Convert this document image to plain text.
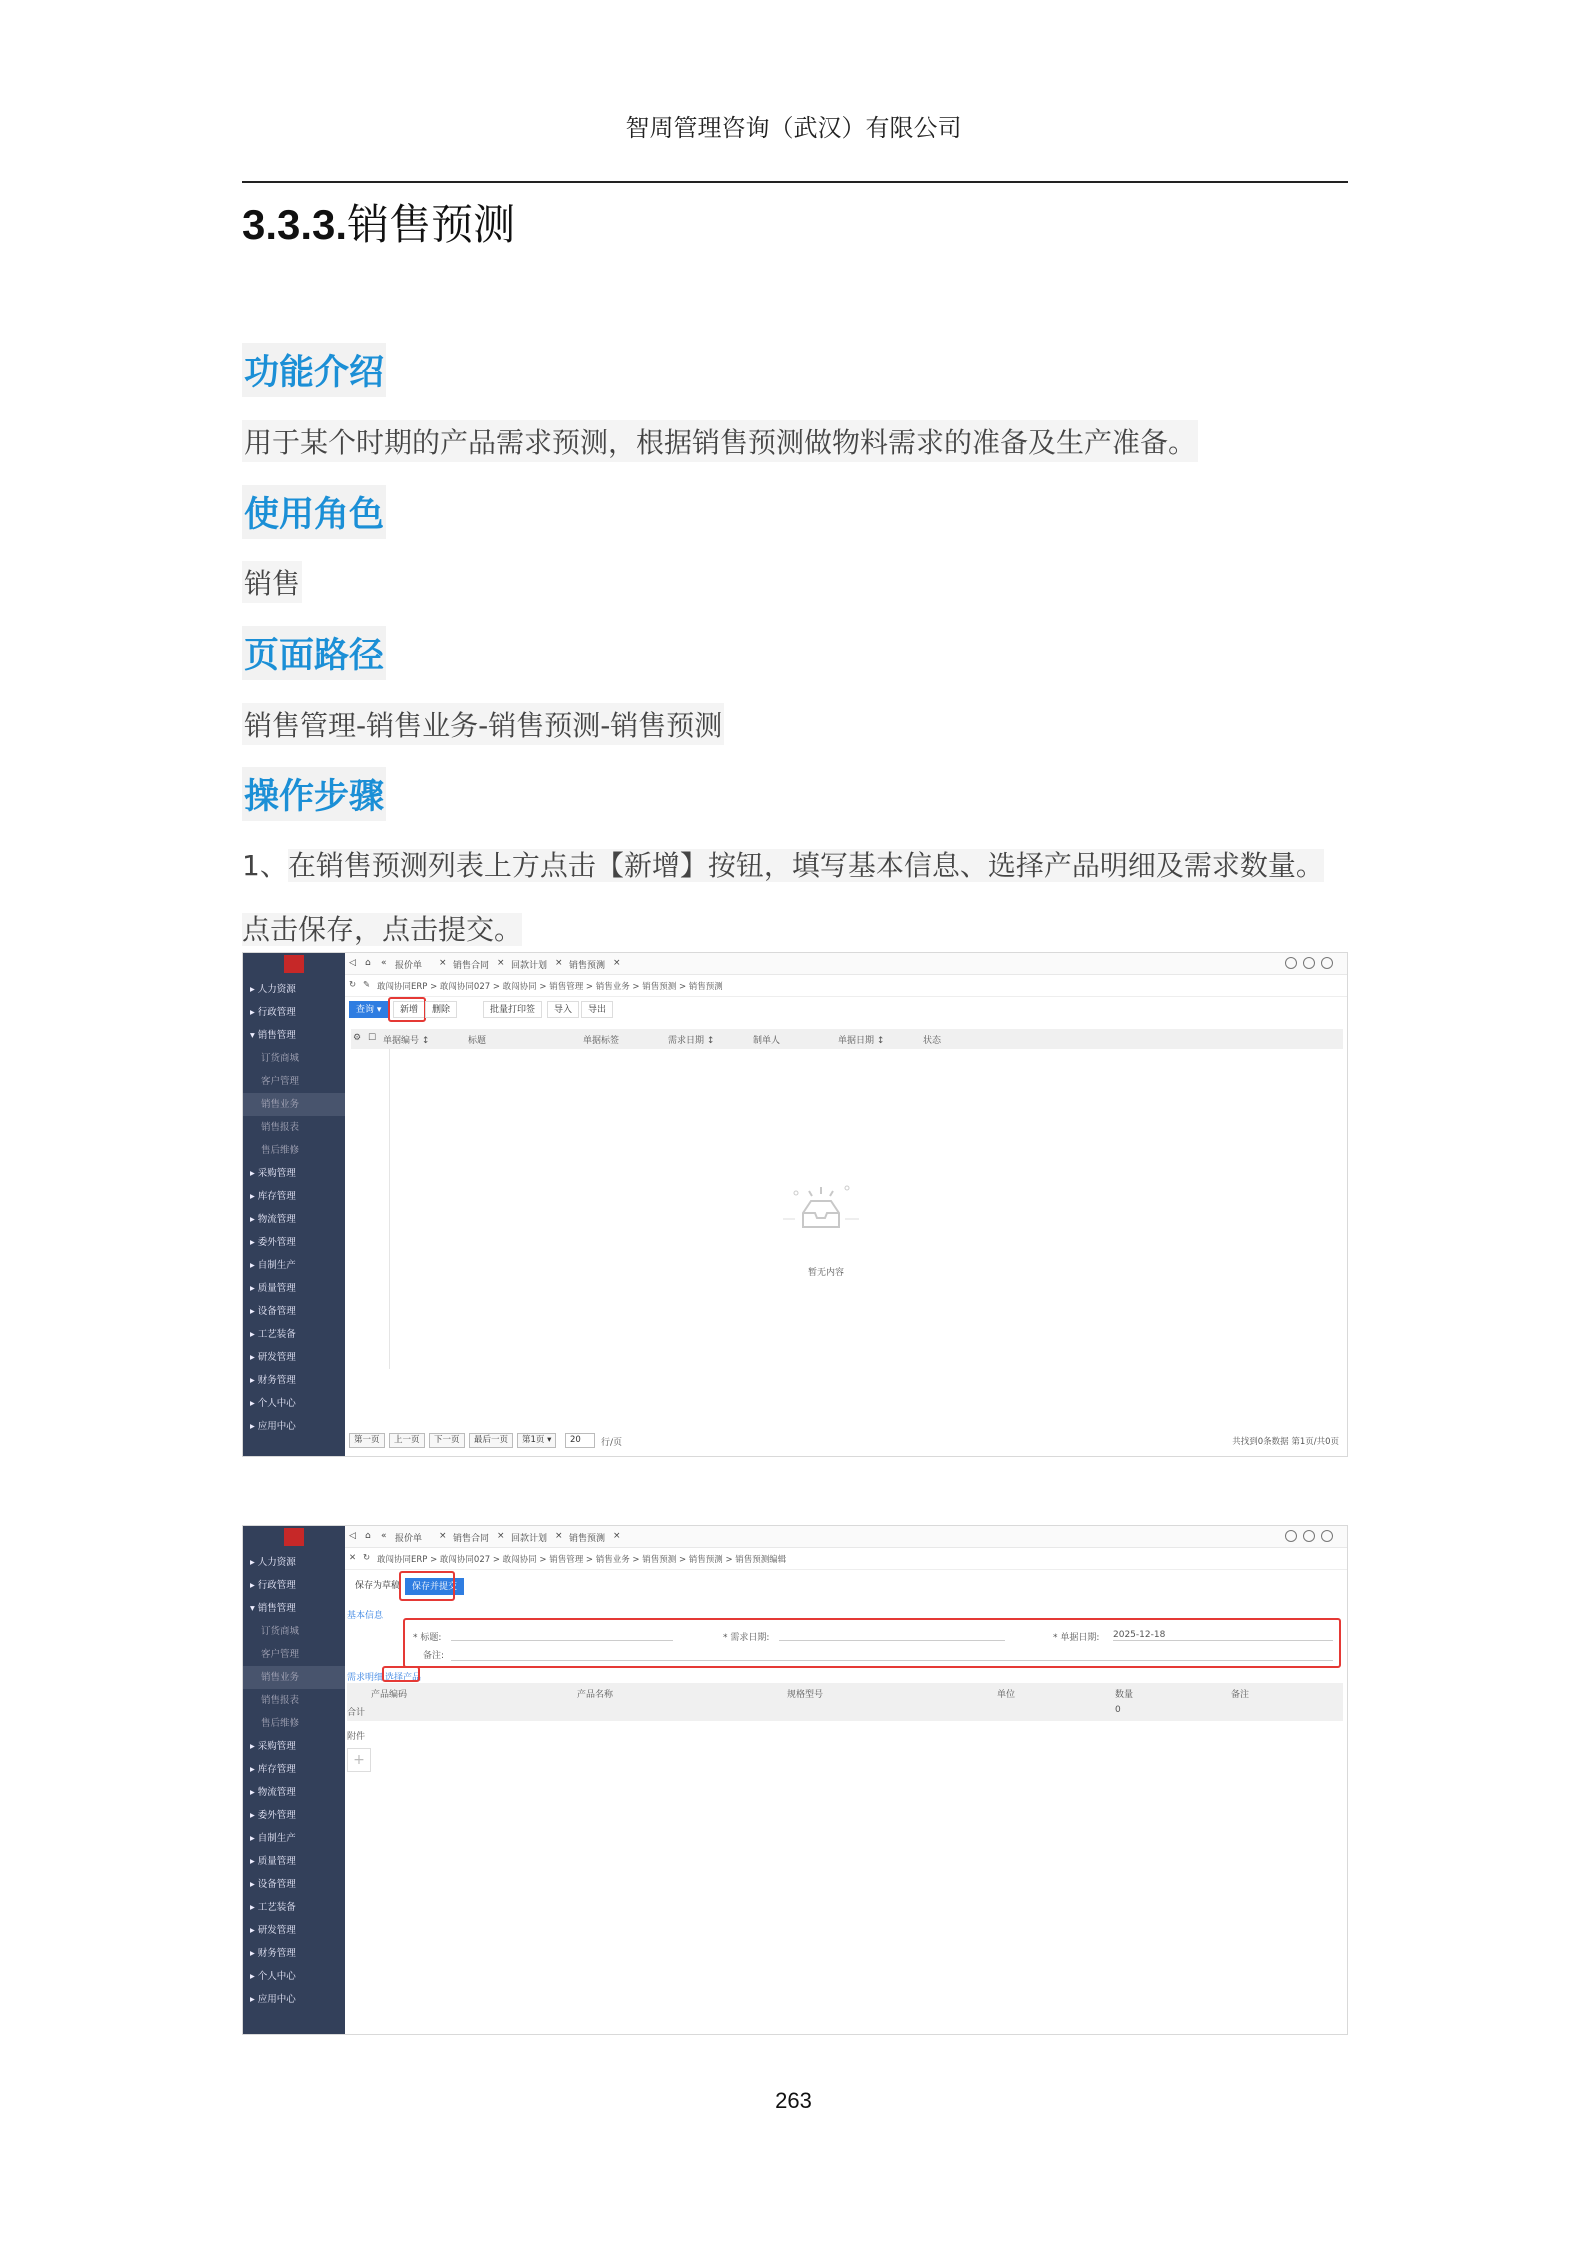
智周管理咨询（武汉）有限公司
3.3.3.销售预测
功能介绍
用于某个时期的产品需求预测，根据销售预测做物料需求的准备及生产准备。
使用角色
销售
页面路径
销售管理-销售业务-销售预测-销售预测
操作步骤
1、在销售预测列表上方点击【新增】按钮，填写基本信息、选择产品明细及需求数量。点击保存，点击提交。
▸ 人力资源
▸ 行政管理
▾ 销售管理
订货商城
客户管理
销售业务
销售报表
售后维修
▸ 采购管理
▸ 库存管理
▸ 物流管理
▸ 委外管理
▸ 自制生产
▸ 质量管理
▸ 设备管理
▸ 工艺装备
▸ 研发管理
▸ 财务管理
▸ 个人中心
▸ 应用中心
◁ ⌂ « 报价单 × 销售合同 × 回款计划 × 销售预测 ×
↻ ✎ 敢闯协同ERP > 敢闯协同027 > 敢闯协同 > 销售管理 > 销售业务 > 销售预测 > 销售预测
查询 ▾	新增	删除	批量打印签	导入	导出
⚙ ☐ 单据编号 ↕	标题	单据标签	需求日期 ↕	制单人	单据日期 ↕	状态
暂无内容
第一页	上一页	下一页	最后一页	第1页 ▾	20	行/页	共找到0条数据 第1页/共0页
▸ 人力资源
▸ 行政管理
▾ 销售管理
订货商城
客户管理
销售业务
销售报表
售后维修
▸ 采购管理
▸ 库存管理
▸ 物流管理
▸ 委外管理
▸ 自制生产
▸ 质量管理
▸ 设备管理
▸ 工艺装备
▸ 研发管理
▸ 财务管理
▸ 个人中心
▸ 应用中心
◁ ⌂ « 报价单 × 销售合同 × 回款计划 × 销售预测 ×
✕ ↻ 敢闯协同ERP > 敢闯协同027 > 敢闯协同 > 销售管理 > 销售业务 > 销售预测 > 销售预测 > 销售预测编辑
保存为草稿	保存并提交
基本信息
* 标题:	* 需求日期:	* 单据日期: 2025-12-18
备注:
需求明细 选择产品
产品编码	产品名称	规格型号	单位	数量	备注
合计	0
附件
+
263
